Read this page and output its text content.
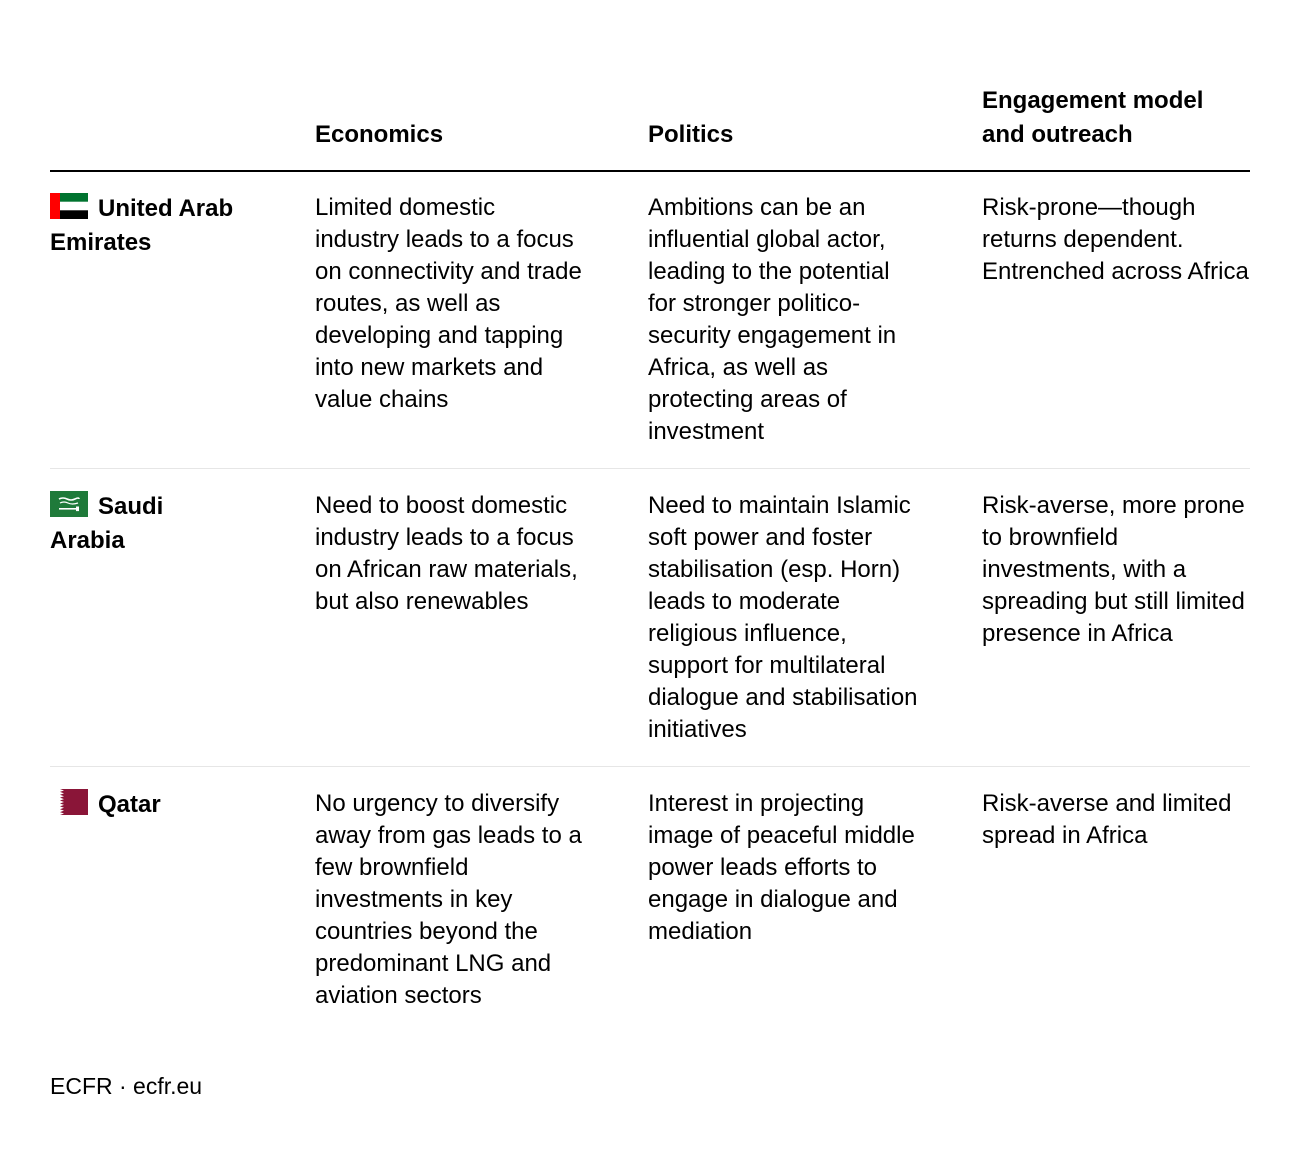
Economics	Politics
Engagement model
and outreach
United Arab Emirates
Limited domestic industry leads to a focus on connectivity and trade routes, as well as developing and tapping into new markets and value chains
Ambitions can be an influential global actor, leading to the potential for stronger politico-security engagement in Africa, as well as protecting areas of investment
Risk-prone—though returns dependent. Entrenched across Africa
Saudi Arabia
Need to boost domestic industry leads to a focus on African raw materials, but also renewables
Need to maintain Islamic soft power and foster stabilisation (esp. Horn) leads to moderate religious influence, support for multilateral dialogue and stabilisation initiatives
Risk-averse, more prone to brownfield investments, with a spreading but still limited presence in Africa
Qatar	No urgency to diversify away from gas leads to a few brownfield investments in key countries beyond the predominant LNG and aviation sectors
Interest in projecting image of peaceful middle power leads efforts to engage in dialogue and mediation
Risk-averse and limited spread in Africa
ECFR · ecfr.eu
